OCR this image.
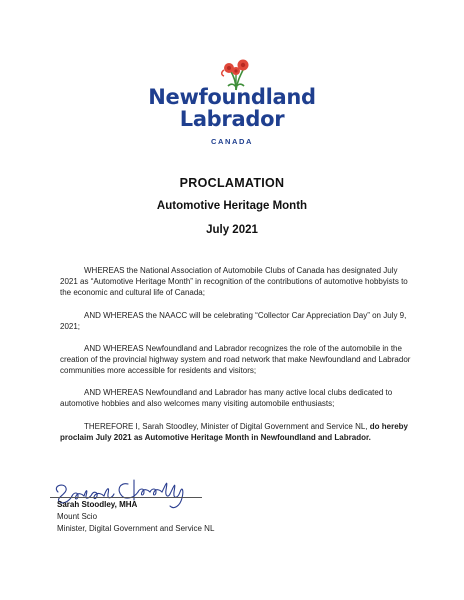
Newfoundland
Labrador
CANADA
PROCLAMATION
Automotive Heritage Month
July 2021

WHEREAS the National Association of Automobile Clubs of Canada has designated July 2021 as “Automotive Heritage Month” in recognition of the contributions of automotive hobbyists to the economic and cultural life of Canada;

AND WHEREAS the NAACC will be celebrating “Collector Car Appreciation Day” on July 9, 2021;

AND WHEREAS Newfoundland and Labrador recognizes the role of the automobile in the creation of the provincial highway system and road network that make Newfoundland and Labrador communities more accessible for residents and visitors;

AND WHEREAS Newfoundland and Labrador has many active local clubs dedicated to automotive hobbies and also welcomes many visiting automobile enthusiasts;

THEREFORE I, Sarah Stoodley, Minister of Digital Government and Service NL, do hereby proclaim July 2021 as Automotive Heritage Month in Newfoundland and Labrador.

Sarah Stoodley, MHA
Mount Scio
Minister, Digital Government and Service NL
